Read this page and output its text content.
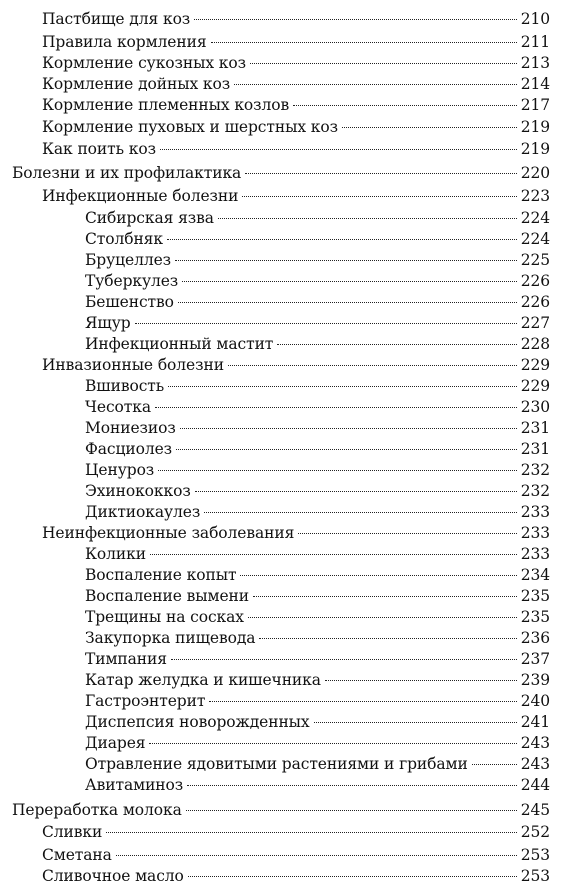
Пастбище для коз	210
Правила кормления	211
Кормление сукозных коз	213
Кормление дойных коз	214
Кормление племенных козлов	217
Кормление пуховых и шерстных коз	219
Как поить коз	219
Болезни и их профилактика	220
Инфекционные болезни	223
Сибирская язва	224
Столбняк	224
Бруцеллез	225
Туберкулез	226
Бешенство	226
Ящур	227
Инфекционный мастит	228
Инвазионные болезни	229
Вшивость	229
Чесотка	230
Мониезиоз	231
Фасциолез	231
Ценуроз	232
Эхинококкоз	232
Диктиокаулез	233
Неинфекционные заболевания	233
Колики	233
Воспаление копыт	234
Воспаление вымени	235
Трещины на сосках	235
Закупорка пищевода	236
Тимпания	237
Катар желудка и кишечника	239
Гастроэнтерит	240
Диспепсия новорожденных	241
Диарея	243
Отравление ядовитыми растениями и грибами	243
Авитаминоз	244
Переработка молока	245
Сливки	252
Сметана	253
Сливочное масло	253
